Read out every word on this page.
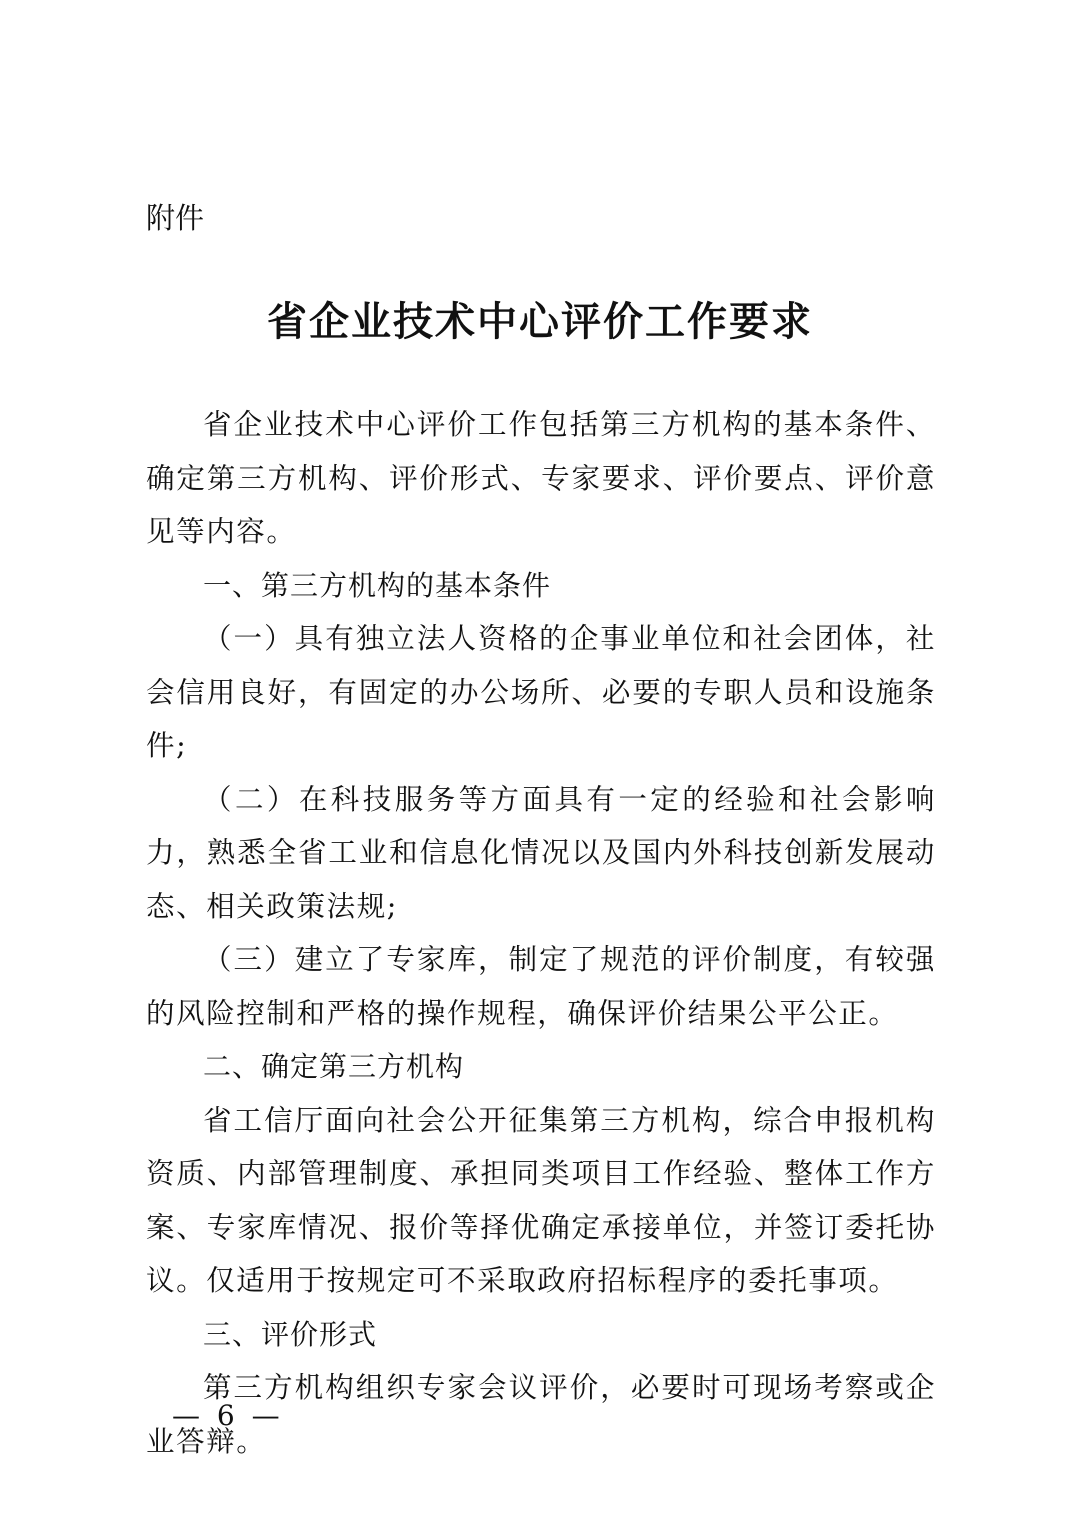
附件

省企业技术中心评价工作要求

省企业技术中心评价工作包括第三方机构的基本条件、确定第三方机构、评价形式、专家要求、评价要点、评价意见等内容。

一、第三方机构的基本条件

（一）具有独立法人资格的企事业单位和社会团体，社会信用良好，有固定的办公场所、必要的专职人员和设施条件;

（二）在科技服务等方面具有一定的经验和社会影响力，熟悉全省工业和信息化情况以及国内外科技创新发展动态、相关政策法规;

（三）建立了专家库，制定了规范的评价制度，有较强的风险控制和严格的操作规程，确保评价结果公平公正。

二、确定第三方机构

省工信厅面向社会公开征集第三方机构，综合申报机构资质、内部管理制度、承担同类项目工作经验、整体工作方案、专家库情况、报价等择优确定承接单位，并签订委托协议。仅适用于按规定可不采取政府招标程序的委托事项。

三、评价形式

第三方机构组织专家会议评价，必要时可现场考察或企业答辩。

— 6 —
